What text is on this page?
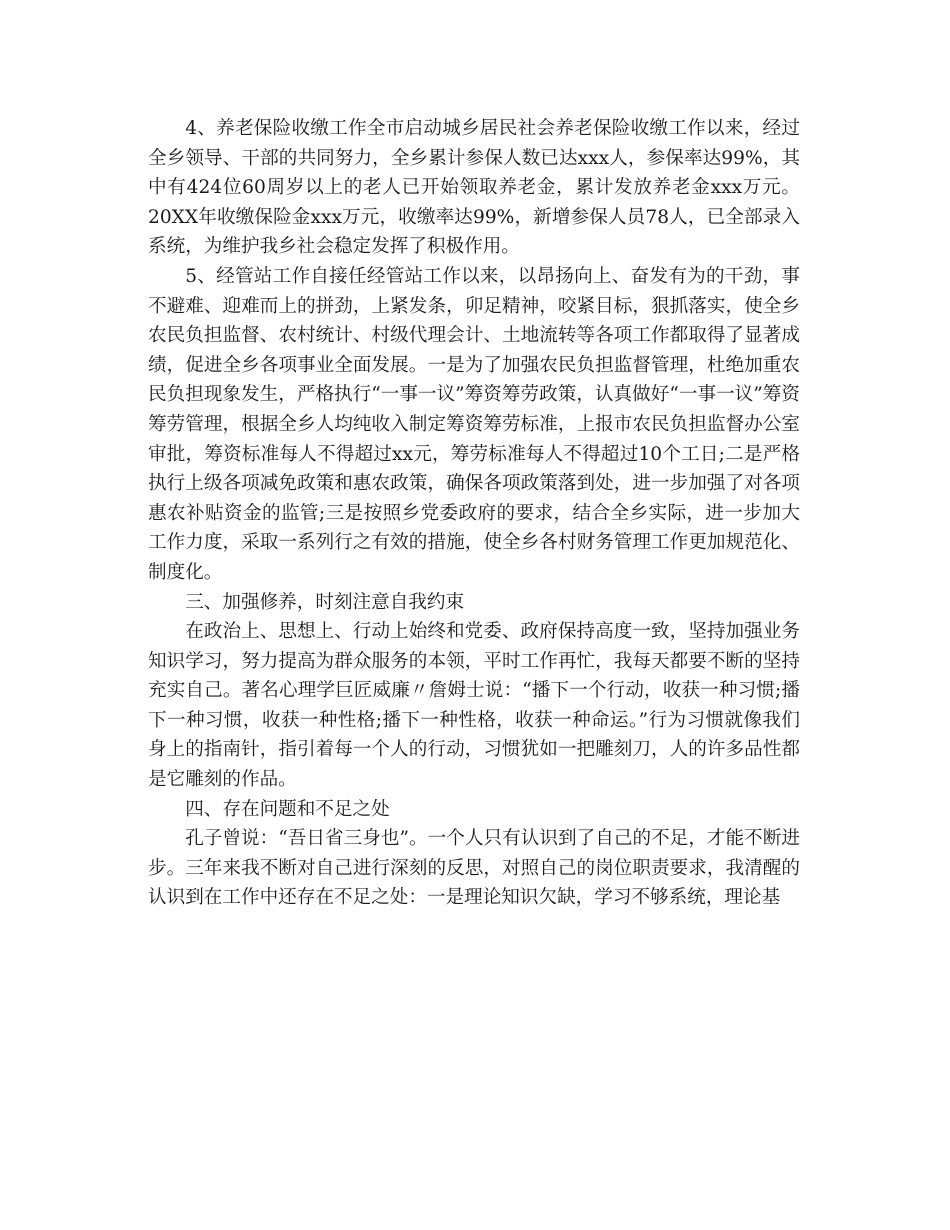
4、养老保险收缴工作全市启动城乡居民社会养老保险收缴工作以来，经过全乡领导、干部的共同努力，全乡累计参保人数已达xxx人，参保率达99%，其中有424位60周岁以上的老人已开始领取养老金，累计发放养老金xxx万元。20XX年收缴保险金xxx万元，收缴率达99%，新增参保人员78人，已全部录入系统，为维护我乡社会稳定发挥了积极作用。

5、经管站工作自接任经管站工作以来，以昂扬向上、奋发有为的干劲，事不避难、迎难而上的拼劲，上紧发条，卯足精神，咬紧目标，狠抓落实，使全乡农民负担监督、农村统计、村级代理会计、土地流转等各项工作都取得了显著成绩，促进全乡各项事业全面发展。一是为了加强农民负担监督管理，杜绝加重农民负担现象发生，严格执行“一事一议”筹资筹劳政策，认真做好“一事一议”筹资筹劳管理，根据全乡人均纯收入制定筹资筹劳标准，上报市农民负担监督办公室审批，筹资标准每人不得超过xx元，筹劳标准每人不得超过10个工日;二是严格执行上级各项减免政策和惠农政策，确保各项政策落到处，进一步加强了对各项惠农补贴资金的监管;三是按照乡党委政府的要求，结合全乡实际，进一步加大工作力度，采取一系列行之有效的措施，使全乡各村财务管理工作更加规范化、制度化。

三、加强修养，时刻注意自我约束

在政治上、思想上、行动上始终和党委、政府保持高度一致，坚持加强业务知识学习，努力提高为群众服务的本领，平时工作再忙，我每天都要不断的坚持充实自己。著名心理学巨匠威廉〃詹姆士说：“播下一个行动，收获一种习惯;播下一种习惯，收获一种性格;播下一种性格，收获一种命运。”行为习惯就像我们身上的指南针，指引着每一个人的行动，习惯犹如一把雕刻刀，人的许多品性都是它雕刻的作品。

四、存在问题和不足之处

孔子曾说：“吾日省三身也”。一个人只有认识到了自己的不足，才能不断进步。三年来我不断对自己进行深刻的反思，对照自己的岗位职责要求，我清醒的认识到在工作中还存在不足之处：一是理论知识欠缺，学习不够系统，理论基
